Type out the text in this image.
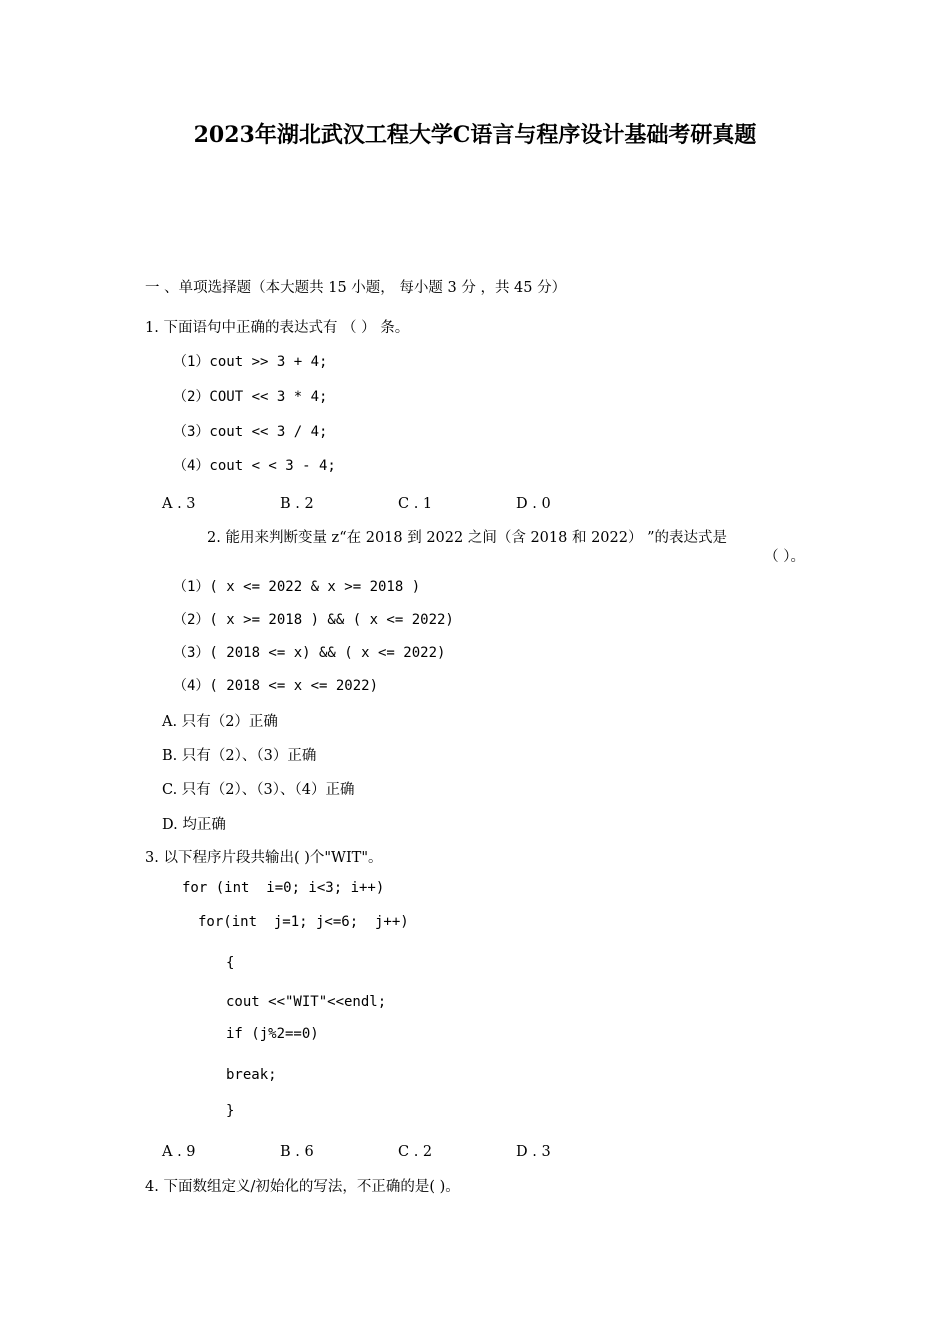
2023年湖北武汉工程大学C语言与程序设计基础考研真题
一 、单项选择题（本大题共 15 小题， 每小题 3 分 ，共 45 分）
1. 下面语句中正确的表达式有 （ ） 条。
（1）cout >> 3 + 4;
（2）COUT << 3 * 4;
（3）cout << 3 / 4;
（4）cout < < 3 - 4;
A . 3	B . 2	C . 1	D . 0
2. 能用来判断变量 z“在 2018 到 2022 之间（含 2018 和 2022） ”的表达式是
（ ）。
（1）( x <= 2022 & x >= 2018 )
（2）( x >= 2018 ) && ( x <= 2022)
（3）( 2018 <= x) && ( x <= 2022)
（4）( 2018 <= x <= 2022)
A. 只有（2）正确
B. 只有（2）、（3）正确
C. 只有（2）、（3）、（4）正确
D. 均正确
3. 以下程序片段共输出( )个"WIT"。
for (int  i=0; i<3; i++)
for(int  j=1; j<=6;  j++)
{
cout <<"WIT"<<endl;
if (j%2==0)
break;
}
A . 9	B . 6	C . 2	D . 3
4. 下面数组定义/初始化的写法，不正确的是( )。
